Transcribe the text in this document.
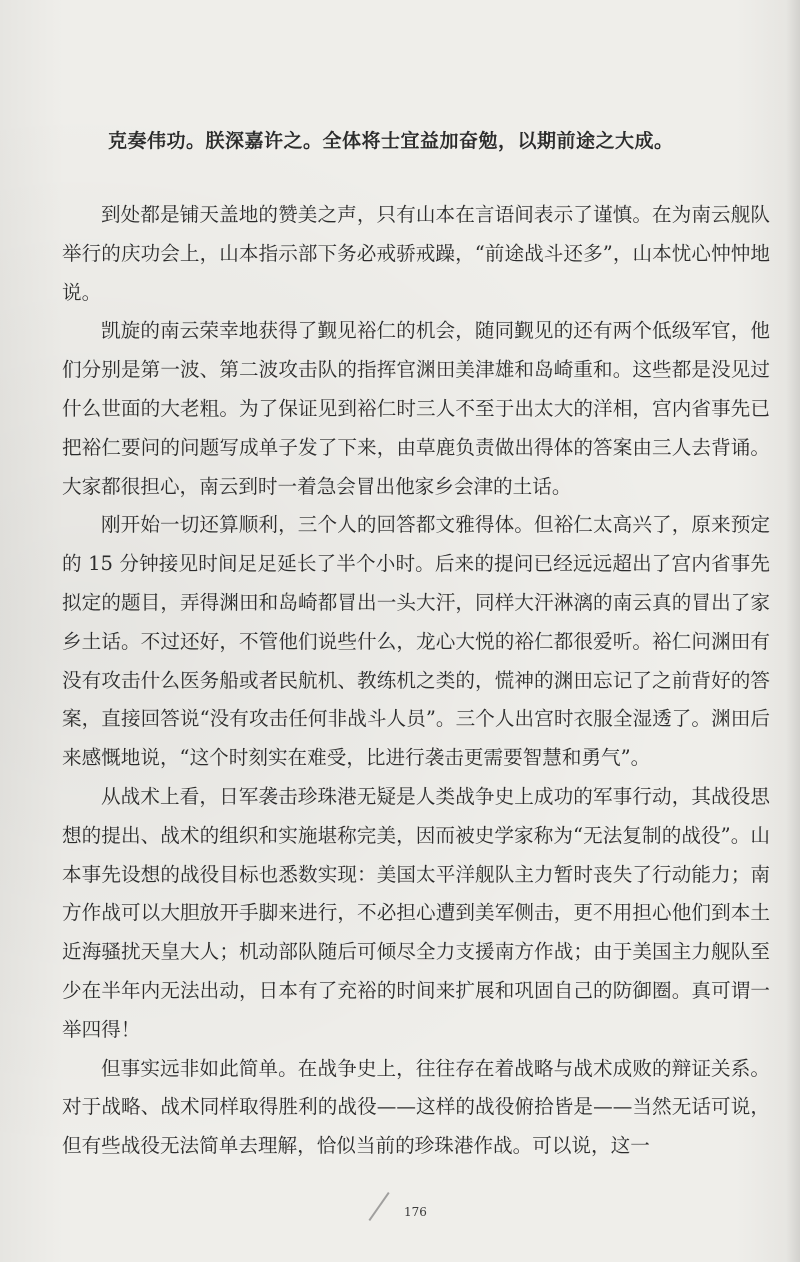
克奏伟功。朕深嘉许之。全体将士宜益加奋勉，以期前途之大成。

到处都是铺天盖地的赞美之声，只有山本在言语间表示了谨慎。在为南云舰队举行的庆功会上，山本指示部下务必戒骄戒躁，“前途战斗还多”，山本忧心忡忡地说。

凯旋的南云荣幸地获得了觐见裕仁的机会，随同觐见的还有两个低级军官，他们分别是第一波、第二波攻击队的指挥官渊田美津雄和岛崎重和。这些都是没见过什么世面的大老粗。为了保证见到裕仁时三人不至于出太大的洋相，宫内省事先已把裕仁要问的问题写成单子发了下来，由草鹿负责做出得体的答案由三人去背诵。大家都很担心，南云到时一着急会冒出他家乡会津的土话。

刚开始一切还算顺利，三个人的回答都文雅得体。但裕仁太高兴了，原来预定的 15 分钟接见时间足足延长了半个小时。后来的提问已经远远超出了宫内省事先拟定的题目，弄得渊田和岛崎都冒出一头大汗，同样大汗淋漓的南云真的冒出了家乡土话。不过还好，不管他们说些什么，龙心大悦的裕仁都很爱听。裕仁问渊田有没有攻击什么医务船或者民航机、教练机之类的，慌神的渊田忘记了之前背好的答案，直接回答说“没有攻击任何非战斗人员”。三个人出宫时衣服全湿透了。渊田后来感慨地说，“这个时刻实在难受，比进行袭击更需要智慧和勇气”。

从战术上看，日军袭击珍珠港无疑是人类战争史上成功的军事行动，其战役思想的提出、战术的组织和实施堪称完美，因而被史学家称为“无法复制的战役”。山本事先设想的战役目标也悉数实现：美国太平洋舰队主力暂时丧失了行动能力；南方作战可以大胆放开手脚来进行，不必担心遭到美军侧击，更不用担心他们到本土近海骚扰天皇大人；机动部队随后可倾尽全力支援南方作战；由于美国主力舰队至少在半年内无法出动，日本有了充裕的时间来扩展和巩固自己的防御圈。真可谓一举四得！

但事实远非如此简单。在战争史上，往往存在着战略与战术成败的辩证关系。对于战略、战术同样取得胜利的战役——这样的战役俯拾皆是——当然无话可说，但有些战役无法简单去理解，恰似当前的珍珠港作战。可以说，这一

176
